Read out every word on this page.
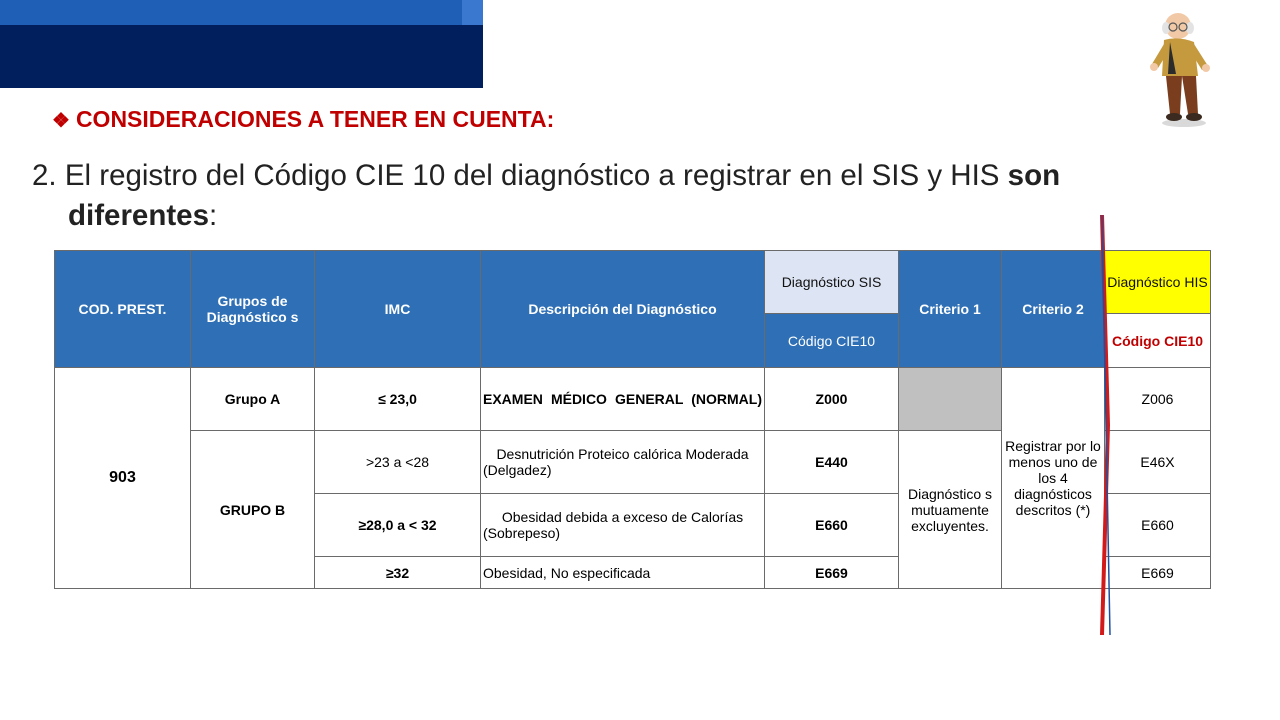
❖ CONSIDERACIONES A TENER EN CUENTA:
2. El registro del Código CIE 10 del diagnóstico a registrar en el SIS y HIS son
diferentes:
COD. PREST.	Grupos de Diagnóstico s	IMC	Descripción del Diagnóstico	Diagnóstico SIS	Criterio 1	Criterio 2	Diagnóstico HIS
				Código CIE10			Código CIE10
903	Grupo A	≤ 23,0	EXAMEN MÉDICO GENERAL (NORMAL)	Z000		Registrar por lo menos uno de los 4 diagnósticos descritos (*)	Z006
	GRUPO B	>23 a <28	Desnutrición Proteico calórica Moderada (Delgadez)	E440	Diagnóstico s mutuamente excluyentes.		E46X
		≥28,0 a < 32	Obesidad debida a exceso de Calorías (Sobrepeso)	E660			E660
		≥32	Obesidad, No especificada	E669			E669
